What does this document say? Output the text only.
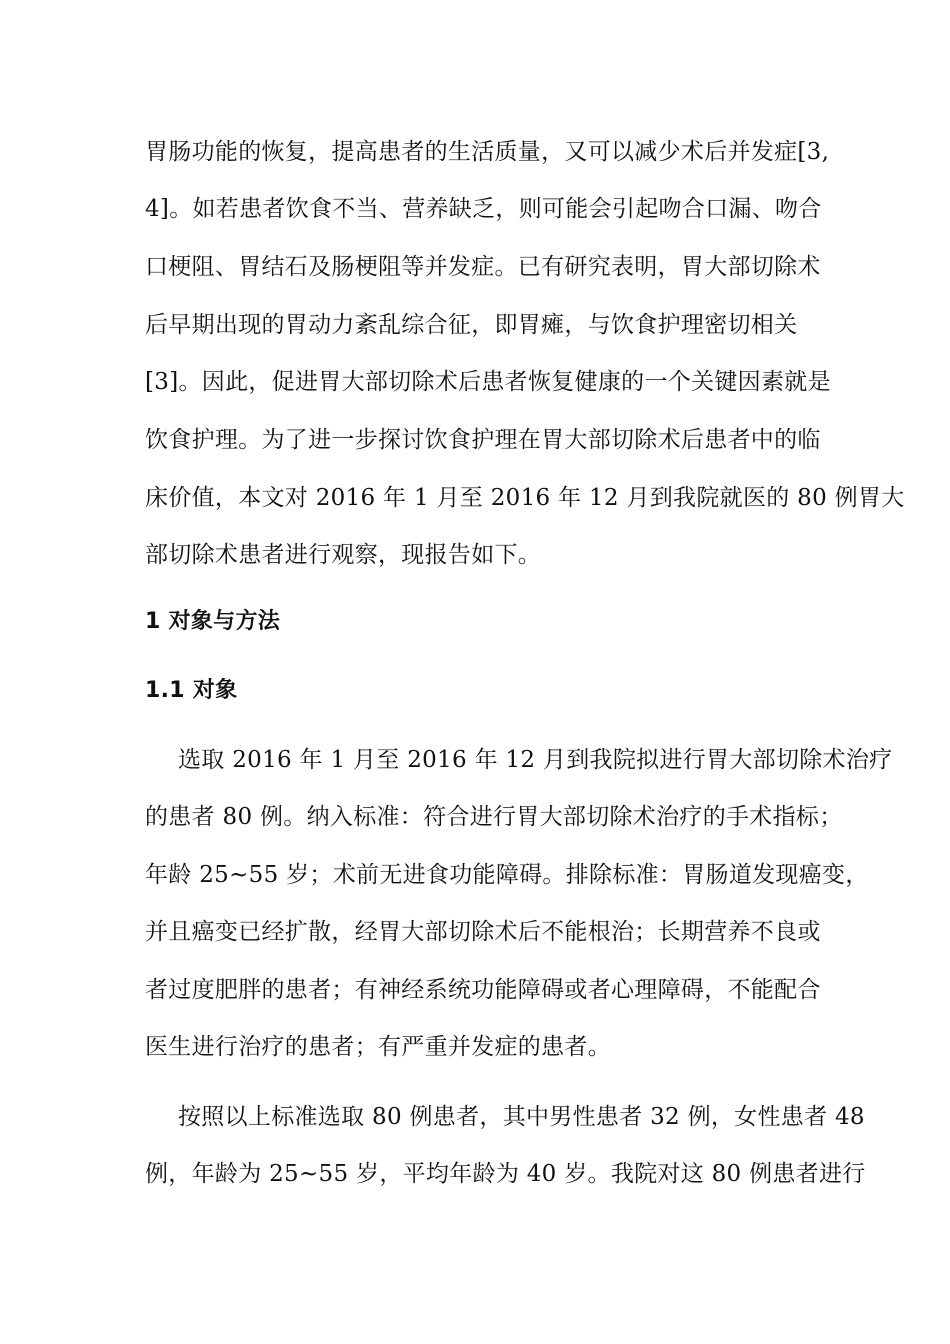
胃肠功能的恢复，提高患者的生活质量，又可以减少术后并发症[3,
4]。如若患者饮食不当、营养缺乏，则可能会引起吻合口漏、吻合
口梗阻、胃结石及肠梗阻等并发症。已有研究表明，胃大部切除术
后早期出现的胃动力紊乱综合征，即胃瘫，与饮食护理密切相关
[3]。因此，促进胃大部切除术后患者恢复健康的一个关键因素就是
饮食护理。为了进一步探讨饮食护理在胃大部切除术后患者中的临
床价值，本文对 2016 年 1 月至 2016 年 12 月到我院就医的 80 例胃大
部切除术患者进行观察，现报告如下。
1 对象与方法
1.1 对象
选取 2016 年 1 月至 2016 年 12 月到我院拟进行胃大部切除术治疗
的患者 80 例。纳入标准：符合进行胃大部切除术治疗的手术指标；
年龄 25~55 岁；术前无进食功能障碍。排除标准：胃肠道发现癌变，
并且癌变已经扩散，经胃大部切除术后不能根治；长期营养不良或
者过度肥胖的患者；有神经系统功能障碍或者心理障碍，不能配合
医生进行治疗的患者；有严重并发症的患者。
按照以上标准选取 80 例患者，其中男性患者 32 例，女性患者 48
例，年龄为 25~55 岁，平均年龄为 40 岁。我院对这 80 例患者进行
